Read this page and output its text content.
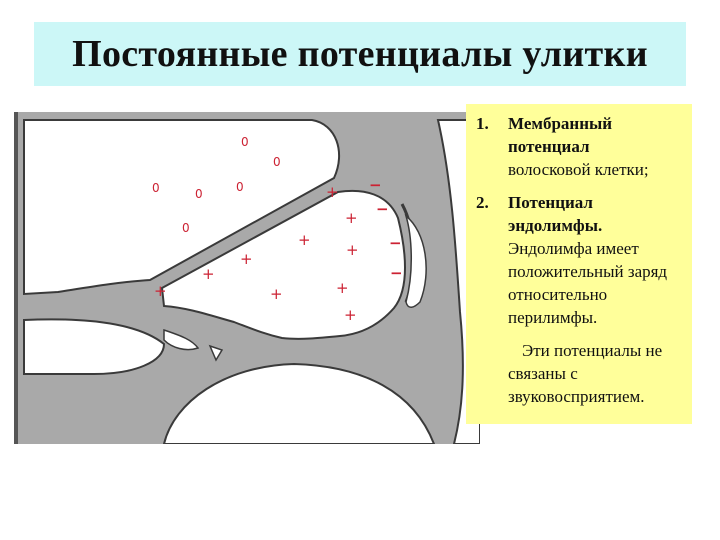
Постоянные потенциалы улитки
0
0
0	0	0
0
+
+
+
+
+
+
+	+	+
+
−
−
−
−
1. Мембранный потенциал
волосковой клетки;
2. Потенциал эндолимфы.
Эндолимфа имеет положительный заряд относительно перилимфы.

Эти потенциалы не связаны с звуковосприятием.
